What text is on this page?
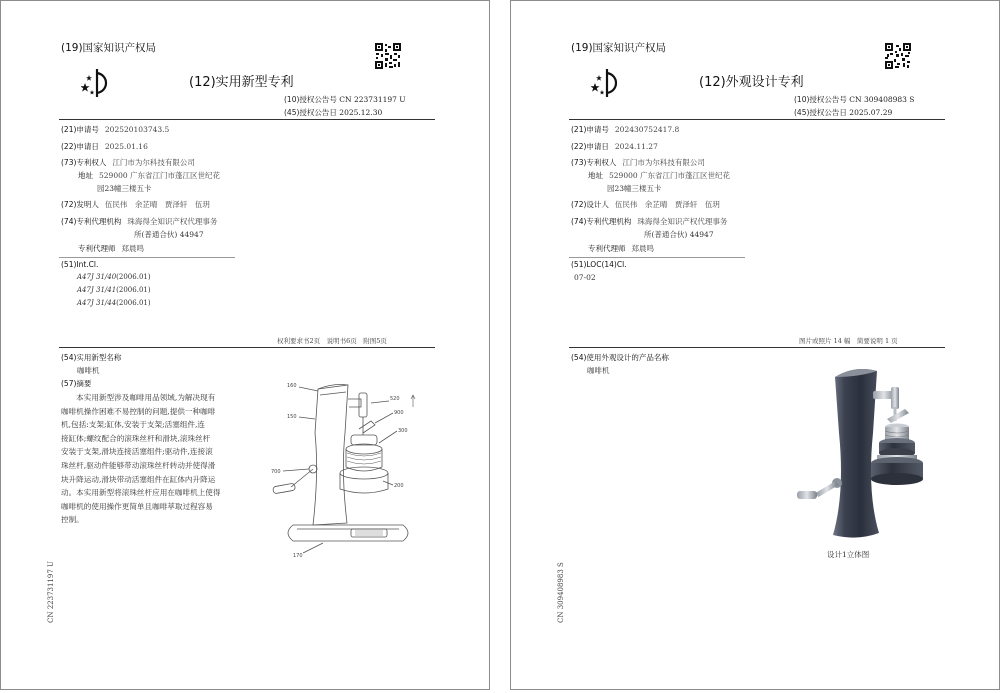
(19)国家知识产权局
(12)实用新型专利
(10)授权公告号 CN 223731197 U
(45)授权公告日 2025.12.30
(21)申请号 202520103743.5
(22)申请日 2025.01.16
(73)专利权人 江门市为尔科技有限公司
地址 529000 广东省江门市蓬江区世纪花
园23幢三楼五卡
(72)发明人 伍民伟　余芷晴　贾泽轩　伍玥
(74)专利代理机构 珠海得全知识产权代理事务
所(普通合伙) 44947
专利代理师 郑晨鸣
(51)Int.Cl.
A47J 31/40(2006.01)
A47J 31/41(2006.01)
A47J 31/44(2006.01)
权利要求书2页　说明书6页　附图5页
(54)实用新型名称
咖啡机
(57)摘要

　　本实用新型涉及咖啡用品领域,为解决现有

咖啡机操作困难不易控制的问题,提供一种咖啡

机,包括:支架;缸体,安装于支架;活塞组件,连

接缸体;螺纹配合的滚珠丝杆和滑块,滚珠丝杆

安装于支架,滑块连接活塞组件;驱动件,连接滚

珠丝杆,驱动件能够带动滚珠丝杆转动并使得滑

块升降运动,滑块带动活塞组件在缸体内升降运

动。本实用新型将滚珠丝杆应用在咖啡机上使得

咖啡机的使用操作更简单且咖啡萃取过程容易

控制。

160
150
520
900
300
700
200
170
CN 223731197 U
(19)国家知识产权局
(12)外观设计专利
(10)授权公告号 CN 309408983 S
(45)授权公告日 2025.07.29
(21)申请号 202430752417.8
(22)申请日 2024.11.27
(73)专利权人 江门市为尔科技有限公司
地址 529000 广东省江门市蓬江区世纪花
园23幢三楼五卡
(72)设计人 伍民伟　余芷晴　贾泽轩　伍玥
(74)专利代理机构 珠海得全知识产权代理事务
所(普通合伙) 44947
专利代理师 郑晨鸣
(51)LOC(14)Cl.
07-02
图片或照片 14 幅　简要说明 1 页
(54)使用外观设计的产品名称
咖啡机
设计1立体图
CN 309408983 S
